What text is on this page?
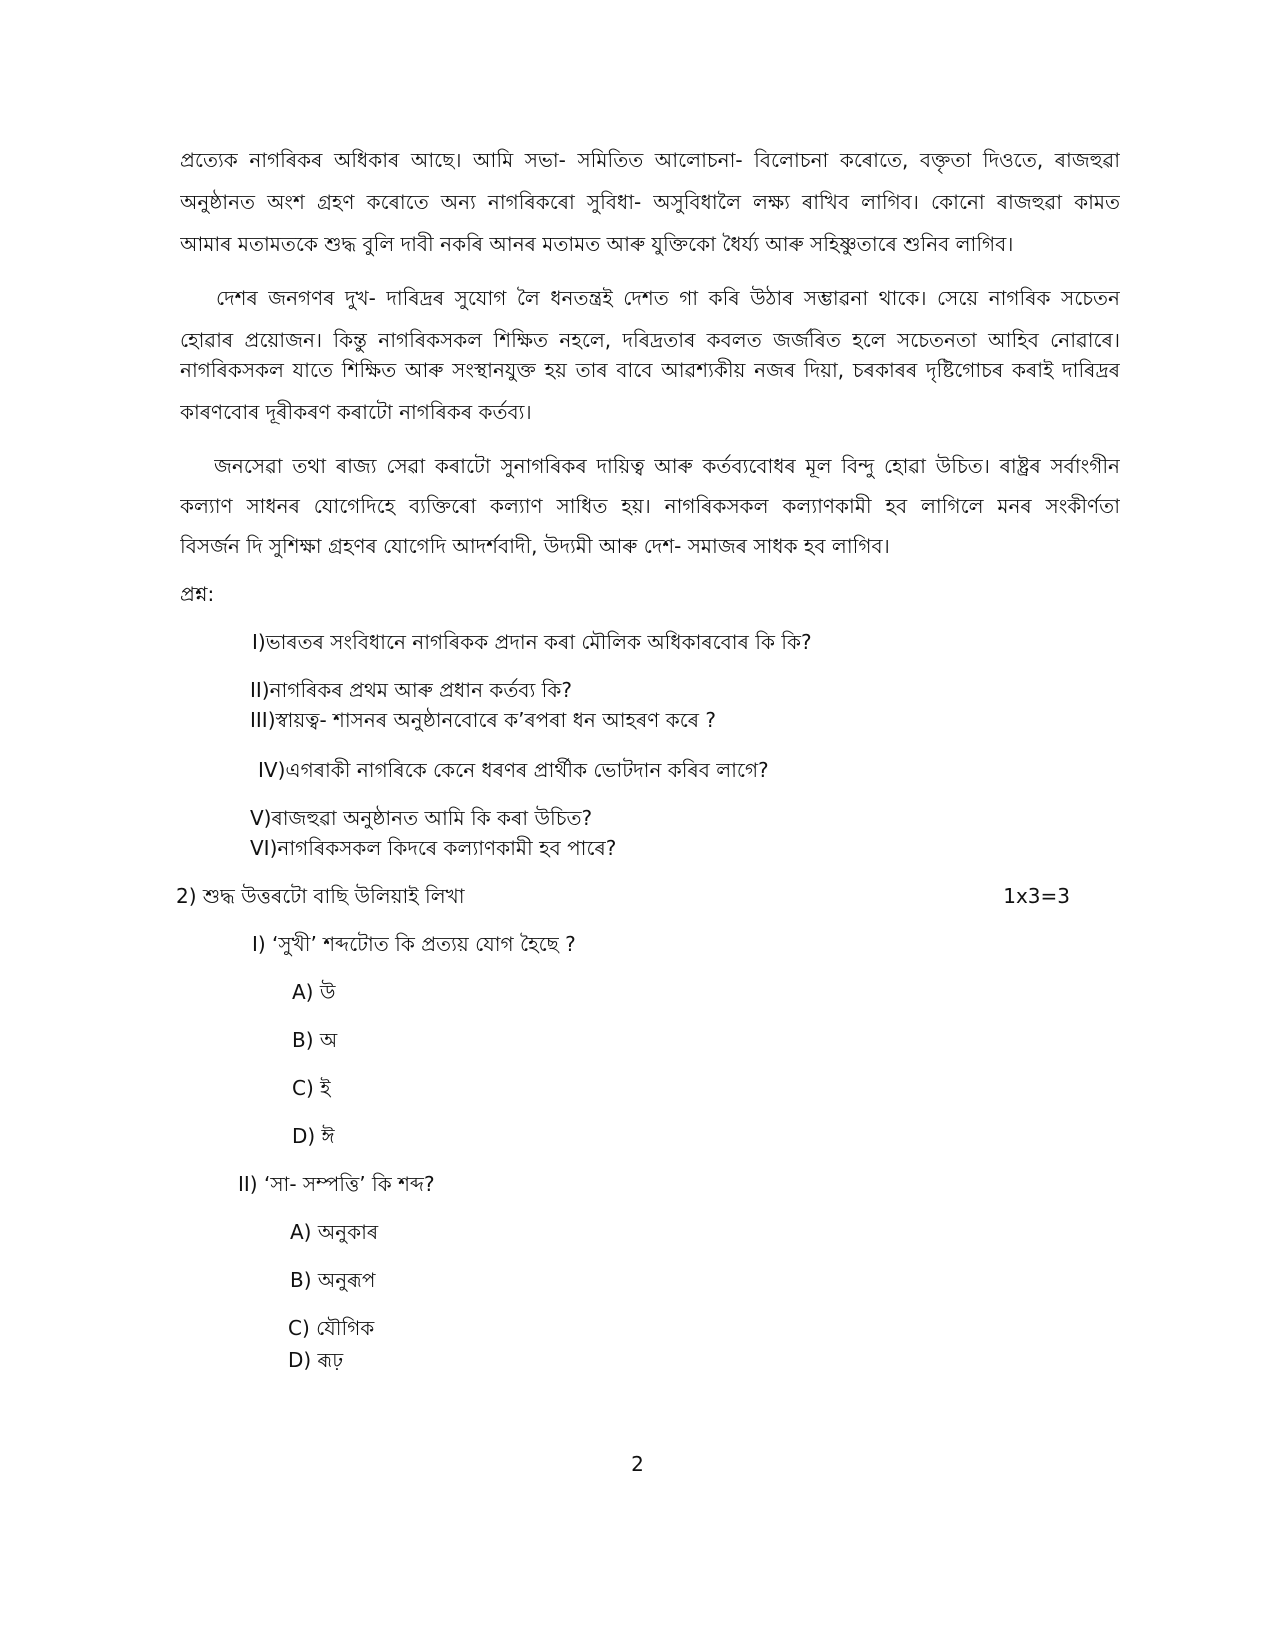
প্ৰত্যেক নাগৰিকৰ অধিকাৰ আছে। আমি সভা- সমিতিত আলোচনা- বিলোচনা কৰোতে, বক্তৃতা দিওতে, ৰাজহুৱা
অনুষ্ঠানত অংশ গ্ৰহণ কৰোতে অন্য নাগৰিকৰো সুবিধা- অসুবিধালৈ লক্ষ্য ৰাখিব লাগিব। কোনো ৰাজহুৱা কামত
আমাৰ মতামতকে শুদ্ধ বুলি দাবী নকৰি আনৰ মতামত আৰু যুক্তিকো ধৈৰ্য্য আৰু সহিষ্ণুতাৰে শুনিব লাগিব।
দেশৰ জনগণৰ দুখ- দাৰিদ্ৰৰ সুযোগ লৈ ধনতন্ত্ৰই দেশত গা কৰি উঠাৰ সম্ভাৱনা থাকে। সেয়ে নাগৰিক সচেতন
হোৱাৰ প্ৰয়োজন। কিন্তু নাগৰিকসকল শিক্ষিত নহলে, দৰিদ্ৰতাৰ কবলত জৰ্জৰিত হলে সচেতনতা আহিব নোৱাৰে।
নাগৰিকসকল যাতে শিক্ষিত আৰু সংস্থানযুক্ত হয় তাৰ বাবে আৱশ্যকীয় নজৰ দিয়া, চৰকাৰৰ দৃষ্টিগোচৰ কৰাই দাৰিদ্ৰৰ
কাৰণবোৰ দূৰীকৰণ কৰাটো নাগৰিকৰ কৰ্তব্য।
জনসেৱা তথা ৰাজ্য সেৱা কৰাটো সুনাগৰিকৰ দায়িত্ব আৰু কৰ্তব্যবোধৰ মূল বিন্দু হোৱা উচিত। ৰাষ্ট্ৰৰ সৰ্বাংগীন
কল্যাণ সাধনৰ যোগেদিহে ব্যক্তিৰো কল্যাণ সাধিত হয়। নাগৰিকসকল কল্যাণকামী হব লাগিলে মনৰ সংকীৰ্ণতা
বিসৰ্জন দি সুশিক্ষা গ্ৰহণৰ যোগেদি আদৰ্শবাদী, উদ্যমী আৰু দেশ- সমাজৰ সাধক হব লাগিব।
প্ৰশ্ন:
I)ভাৰতৰ সংবিধানে নাগৰিকক প্ৰদান কৰা মৌলিক অধিকাৰবোৰ কি কি?
II)নাগৰিকৰ প্ৰথম আৰু প্ৰধান কৰ্তব্য কি?
III)স্বায়ত্ব- শাসনৰ অনুষ্ঠানবোৰে ক’ৰপৰা ধন আহৰণ কৰে ?
IV)এগৰাকী নাগৰিকে কেনে ধৰণৰ প্ৰাৰ্থীক ভোটদান কৰিব লাগে?
V)ৰাজহুৱা অনুষ্ঠানত আমি কি কৰা উচিত?
VI)নাগৰিকসকল কিদৰে কল্যাণকামী হব পাৰে?
2) শুদ্ধ উত্তৰটো বাছি উলিয়াই লিখা	1x3=3
I) ‘সুখী’ শব্দটোত কি প্ৰত্যয় যোগ হৈছে ?
A) উ
B) অ
C) ই
D) ঈ
II) ‘সা- সম্পত্তি’ কি শব্দ?
A) অনুকাৰ
B) অনুৰূপ
C) যৌগিক
D) ৰূঢ়
2
